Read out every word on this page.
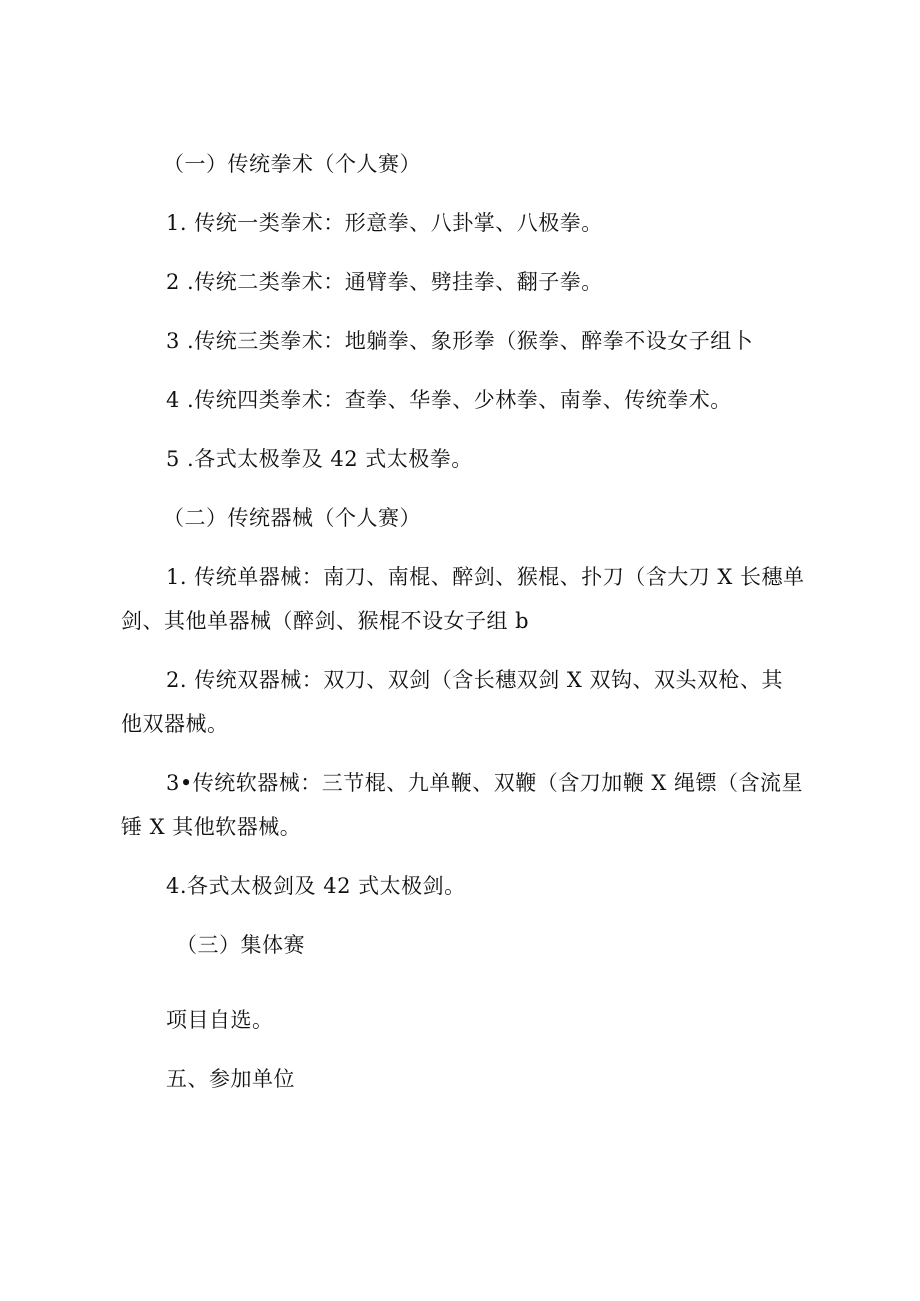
（一）传统拳术（个人赛）
1. 传统一类拳术：形意拳、八卦掌、八极拳。
2 .传统二类拳术：通臂拳、劈挂拳、翻子拳。
3 .传统三类拳术：地躺拳、象形拳（猴拳、醉拳不设女子组卜
4 .传统四类拳术：查拳、华拳、少林拳、南拳、传统拳术。
5 .各式太极拳及 42 式太极拳。
（二）传统器械（个人赛）
1. 传统单器械：南刀、南棍、醉剑、猴棍、扑刀（含大刀 X 长穗单
剑、其他单器械（醉剑、猴棍不设女子组 b
2. 传统双器械：双刀、双剑（含长穗双剑 X 双钩、双头双枪、其
他双器械。
3•传统软器械：三节棍、九单鞭、双鞭（含刀加鞭 X 绳镖（含流星
锤 X 其他软器械。
4.各式太极剑及 42 式太极剑。
（三）集体赛
项目自选。
五、参加单位
